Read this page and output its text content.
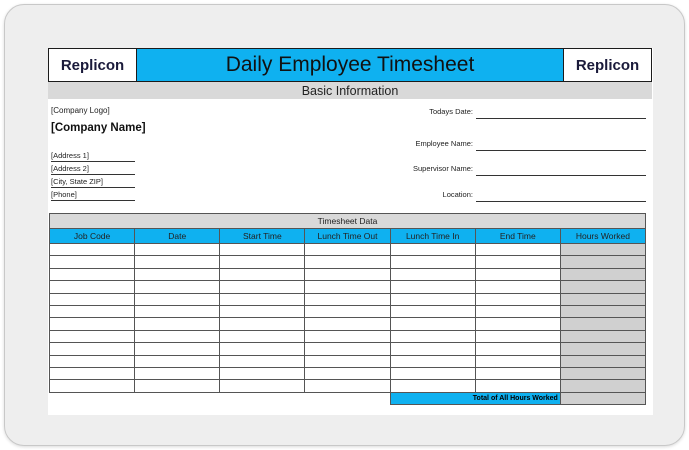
Replicon	Daily Employee Timesheet	Replicon
Basic Information
[Company Logo]
[Company Name]
[Address 1]
[Address 2]
[City, State ZIP]
[Phone]
Todays Date:
Employee Name:
Supervisor Name:
Location:
Timesheet Data						
Job Code	Date	Start Time	Lunch Time Out	Lunch Time In	End Time	Hours Worked

				Total of All Hours Worked		
